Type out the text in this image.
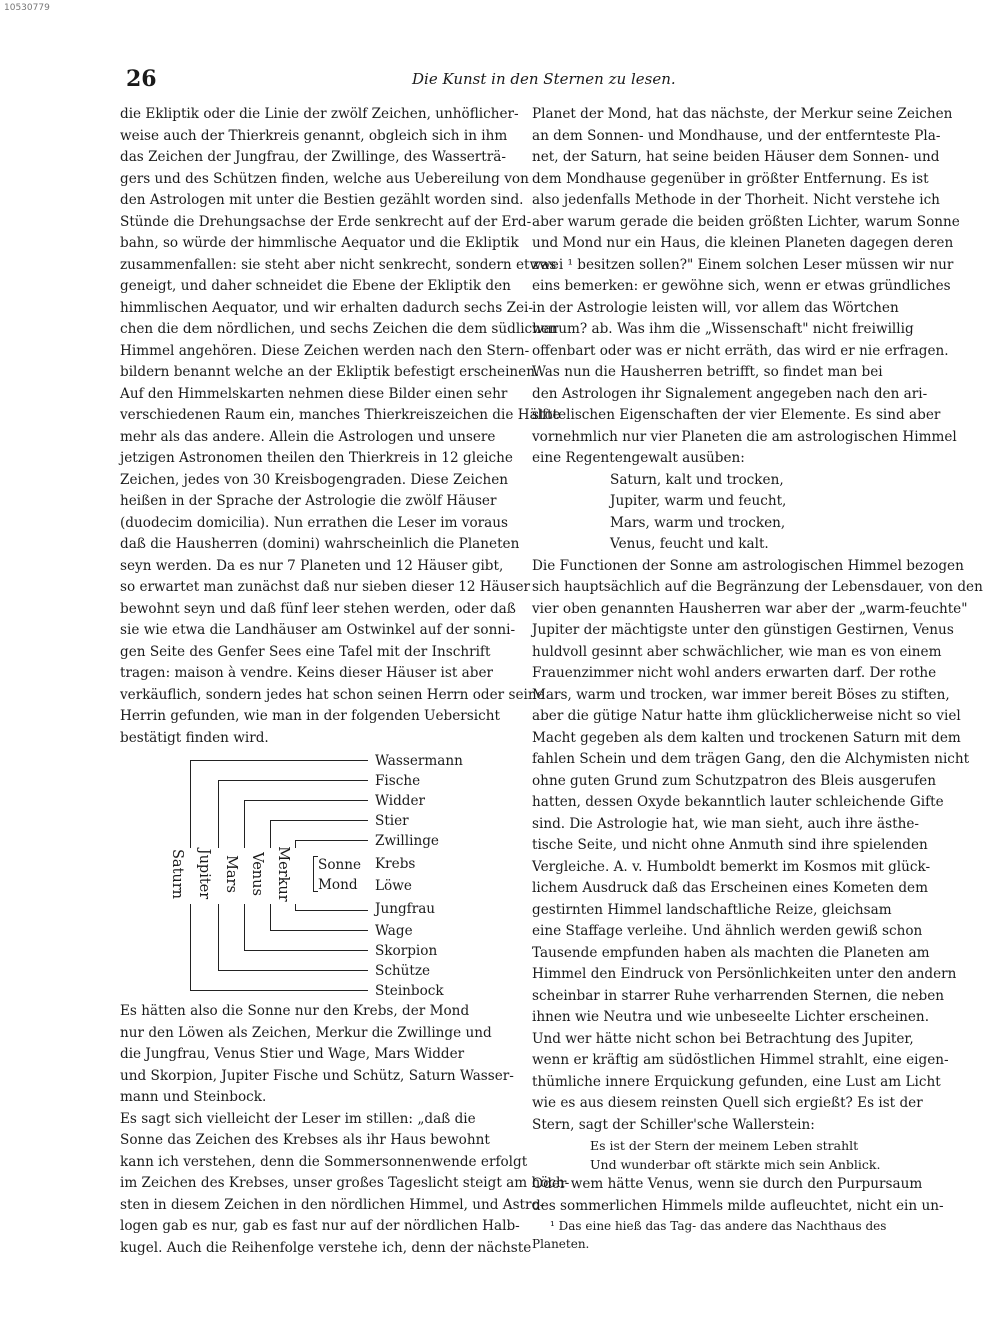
10530779
26	Die Kunst in den Sternen zu lesen.
die Ekliptik oder die Linie der zwölf Zeichen, unhöflicher-
weise auch der Thierkreis genannt, obgleich sich in ihm
das Zeichen der Jungfrau, der Zwillinge, des Wasserträ-
gers und des Schützen finden, welche aus Uebereilung von
den Astrologen mit unter die Bestien gezählt worden sind.
Stünde die Drehungsachse der Erde senkrecht auf der Erd-
bahn, so würde der himmlische Aequator und die Ekliptik
zusammenfallen: sie steht aber nicht senkrecht, sondern etwas
geneigt, und daher schneidet die Ebene der Ekliptik den
himmlischen Aequator, und wir erhalten dadurch sechs Zei-
chen die dem nördlichen, und sechs Zeichen die dem südlichen
Himmel angehören. Diese Zeichen werden nach den Stern-
bildern benannt welche an der Ekliptik befestigt erscheinen.
Auf den Himmelskarten nehmen diese Bilder einen sehr
verschiedenen Raum ein, manches Thierkreiszeichen die Hälfte
mehr als das andere. Allein die Astrologen und unsere
jetzigen Astronomen theilen den Thierkreis in 12 gleiche
Zeichen, jedes von 30 Kreisbogengraden. Diese Zeichen
heißen in der Sprache der Astrologie die zwölf Häuser
(duodecim domicilia). Nun errathen die Leser im voraus
daß die Hausherren (domini) wahrscheinlich die Planeten
seyn werden. Da es nur 7 Planeten und 12 Häuser gibt,
so erwartet man zunächst daß nur sieben dieser 12 Häuser
bewohnt seyn und daß fünf leer stehen werden, oder daß
sie wie etwa die Landhäuser am Ostwinkel auf der sonni-
gen Seite des Genfer Sees eine Tafel mit der Inschrift
tragen: maison à vendre. Keins dieser Häuser ist aber
verkäuflich, sondern jedes hat schon seinen Herrn oder seine
Herrin gefunden, wie man in der folgenden Uebersicht
bestätigt finden wird.
Saturn Jupiter Mars Venus Merkur Sonne
Mond
Wassermann
Fische
Widder
Stier
Zwillinge
Krebs
Löwe
Jungfrau
Wage
Skorpion
Schütze
Steinbock
Es hätten also die Sonne nur den Krebs, der Mond
nur den Löwen als Zeichen, Merkur die Zwillinge und
die Jungfrau, Venus Stier und Wage, Mars Widder
und Skorpion, Jupiter Fische und Schütz, Saturn Wasser-
mann und Steinbock.
Es sagt sich vielleicht der Leser im stillen: „daß die
Sonne das Zeichen des Krebses als ihr Haus bewohnt
kann ich verstehen, denn die Sommersonnenwende erfolgt
im Zeichen des Krebses, unser großes Tageslicht steigt am höch-
sten in diesem Zeichen in den nördlichen Himmel, und Astro-
logen gab es nur, gab es fast nur auf der nördlichen Halb-
kugel. Auch die Reihenfolge verstehe ich, denn der nächste
Planet der Mond, hat das nächste, der Merkur seine Zeichen
an dem Sonnen- und Mondhause, und der entfernteste Pla-
net, der Saturn, hat seine beiden Häuser dem Sonnen- und
dem Mondhause gegenüber in größter Entfernung. Es ist
also jedenfalls Methode in der Thorheit. Nicht verstehe ich
aber warum gerade die beiden größten Lichter, warum Sonne
und Mond nur ein Haus, die kleinen Planeten dagegen deren
zwei ¹ besitzen sollen?" Einem solchen Leser müssen wir nur
eins bemerken: er gewöhne sich, wenn er etwas gründliches
in der Astrologie leisten will, vor allem das Wörtchen
warum? ab. Was ihm die „Wissenschaft" nicht freiwillig
offenbart oder was er nicht erräth, das wird er nie erfragen.
Was nun die Hausherren betrifft, so findet man bei
den Astrologen ihr Signalement angegeben nach den ari-
stotelischen Eigenschaften der vier Elemente. Es sind aber
vornehmlich nur vier Planeten die am astrologischen Himmel
eine Regentengewalt ausüben:
Saturn, kalt und trocken,
Jupiter, warm und feucht,
Mars, warm und trocken,
Venus, feucht und kalt.
Die Functionen der Sonne am astrologischen Himmel bezogen
sich hauptsächlich auf die Begränzung der Lebensdauer, von den
vier oben genannten Hausherren war aber der „warm-feuchte"
Jupiter der mächtigste unter den günstigen Gestirnen, Venus
huldvoll gesinnt aber schwächlicher, wie man es von einem
Frauenzimmer nicht wohl anders erwarten darf. Der rothe
Mars, warm und trocken, war immer bereit Böses zu stiften,
aber die gütige Natur hatte ihm glücklicherweise nicht so viel
Macht gegeben als dem kalten und trockenen Saturn mit dem
fahlen Schein und dem trägen Gang, den die Alchymisten nicht
ohne guten Grund zum Schutzpatron des Bleis ausgerufen
hatten, dessen Oxyde bekanntlich lauter schleichende Gifte
sind. Die Astrologie hat, wie man sieht, auch ihre ästhe-
tische Seite, und nicht ohne Anmuth sind ihre spielenden
Vergleiche. A. v. Humboldt bemerkt im Kosmos mit glück-
lichem Ausdruck daß das Erscheinen eines Kometen dem
gestirnten Himmel landschaftliche Reize, gleichsam
eine Staffage verleihe. Und ähnlich werden gewiß schon
Tausende empfunden haben als machten die Planeten am
Himmel den Eindruck von Persönlichkeiten unter den andern
scheinbar in starrer Ruhe verharrenden Sternen, die neben
ihnen wie Neutra und wie unbeseelte Lichter erscheinen.
Und wer hätte nicht schon bei Betrachtung des Jupiter,
wenn er kräftig am südöstlichen Himmel strahlt, eine eigen-
thümliche innere Erquickung gefunden, eine Lust am Licht
wie es aus diesem reinsten Quell sich ergießt? Es ist der
Stern, sagt der Schiller'sche Wallerstein:
Es ist der Stern der meinem Leben strahlt
Und wunderbar oft stärkte mich sein Anblick.
Oder wem hätte Venus, wenn sie durch den Purpursaum
des sommerlichen Himmels milde aufleuchtet, nicht ein un-
¹ Das eine hieß das Tag- das andere das Nachthaus des
Planeten.
